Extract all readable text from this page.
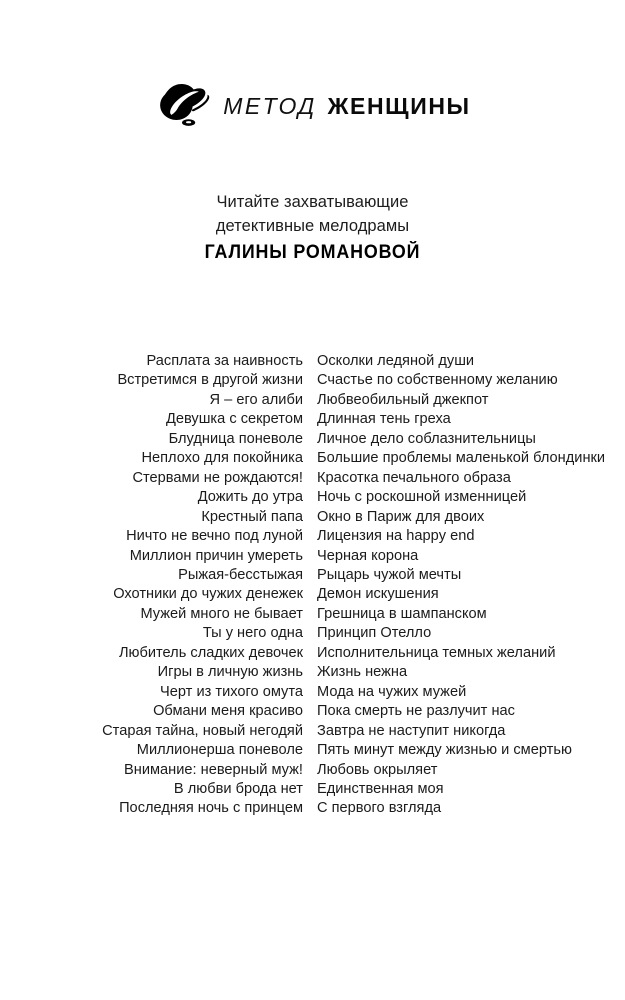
МЕТОД ЖЕНЩИНЫ
Читайте захватывающие
детективные мелодрамы
ГАЛИНЫ РОМАНОВОЙ
Расплата за наивность
Встретимся в другой жизни
Я – его алиби
Девушка с секретом
Блудница поневоле
Неплохо для покойника
Стервами не рождаются!
Дожить до утра
Крестный папа
Ничто не вечно под луной
Миллион причин умереть
Рыжая-бесстыжая
Охотники до чужих денежек
Мужей много не бывает
Ты у него одна
Любитель сладких девочек
Игры в личную жизнь
Черт из тихого омута
Обмани меня красиво
Старая тайна, новый негодяй
Миллионерша поневоле
Внимание: неверный муж!
В любви брода нет
Последняя ночь с принцем
Осколки ледяной души
Счастье по собственному желанию
Любвеобильный джекпот
Длинная тень греха
Личное дело соблазнительницы
Большие проблемы маленькой блондинки
Красотка печального образа
Ночь с роскошной изменницей
Окно в Париж для двоих
Лицензия на happy end
Черная корона
Рыцарь чужой мечты
Демон искушения
Грешница в шампанском
Принцип Отелло
Исполнительница темных желаний
Жизнь нежна
Мода на чужих мужей
Пока смерть не разлучит нас
Завтра не наступит никогда
Пять минут между жизнью и смертью
Любовь окрыляет
Единственная моя
С первого взгляда
